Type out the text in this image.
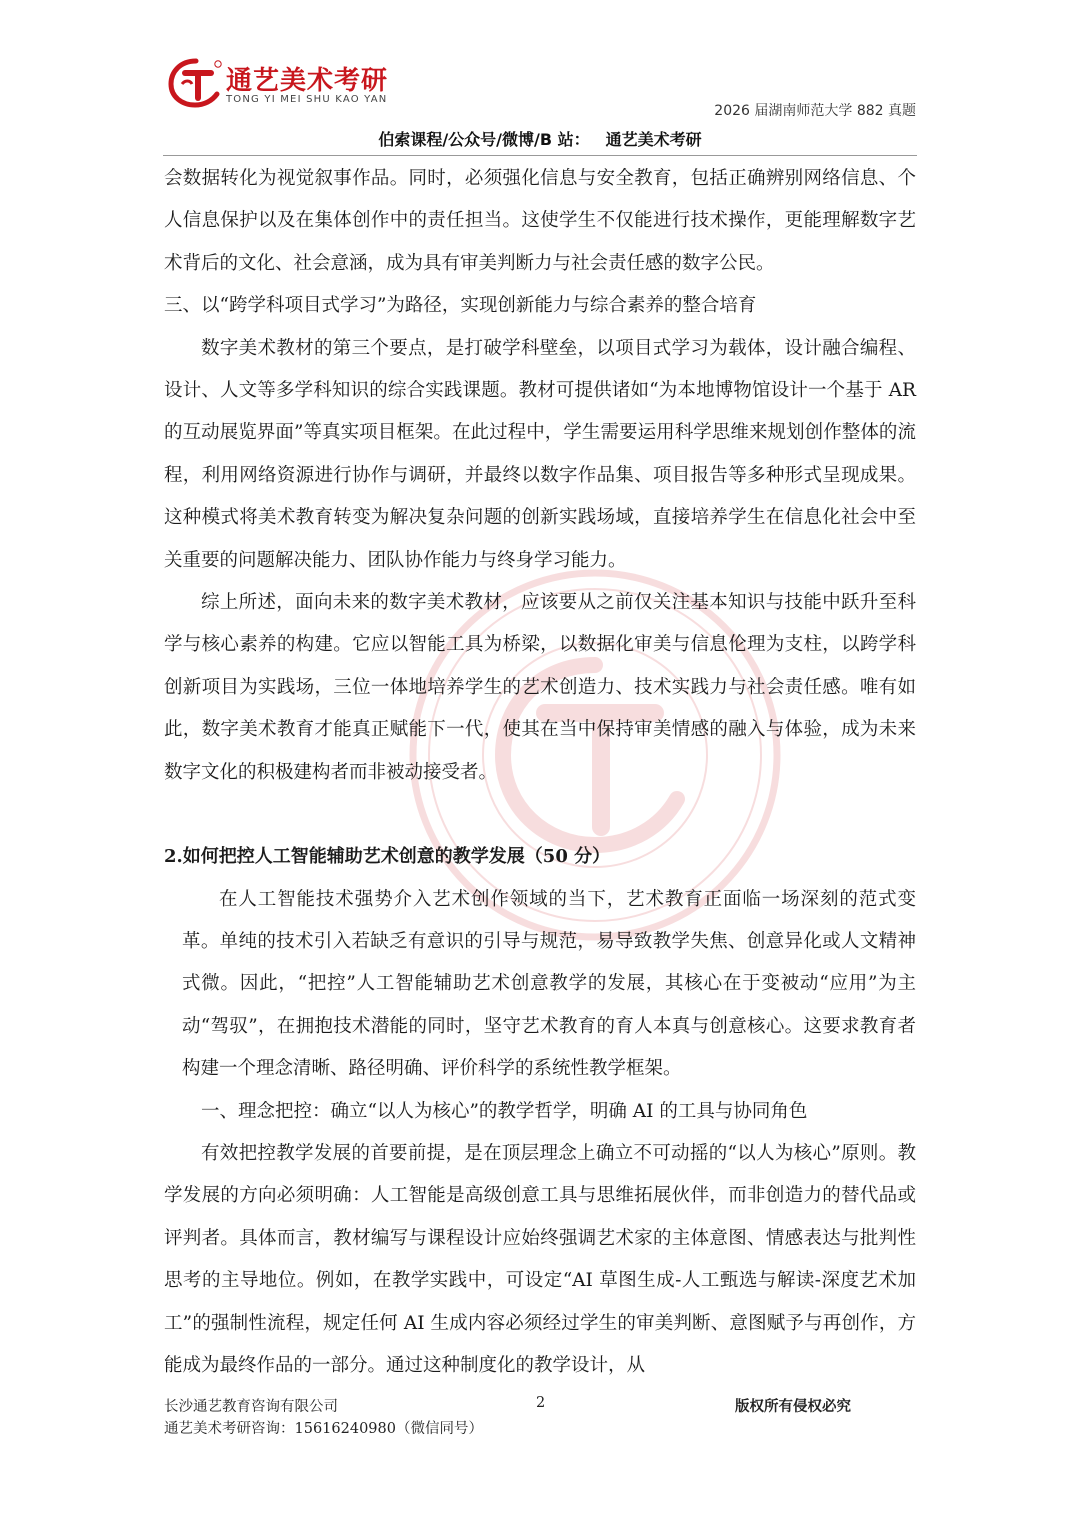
通艺美术考研
TONG YI MEI SHU KAO YAN
2026 届湖南师范大学 882 真题
伯索课程/公众号/微博/B 站： 通艺美术考研

会数据转化为视觉叙事作品。同时，必须强化信息与安全教育，包括正确辨别网络信息、个人信息保护以及在集体创作中的责任担当。这使学生不仅能进行技术操作，更能理解数字艺术背后的文化、社会意涵，成为具有审美判断力与社会责任感的数字公民。

三、以“跨学科项目式学习”为路径，实现创新能力与综合素养的整合培育

数字美术教材的第三个要点，是打破学科壁垒，以项目式学习为载体，设计融合编程、设计、人文等多学科知识的综合实践课题。教材可提供诸如“为本地博物馆设计一个基于 AR 的互动展览界面”等真实项目框架。在此过程中，学生需要运用科学思维来规划创作整体的流程，利用网络资源进行协作与调研，并最终以数字作品集、项目报告等多种形式呈现成果。这种模式将美术教育转变为解决复杂问题的创新实践场域，直接培养学生在信息化社会中至关重要的问题解决能力、团队协作能力与终身学习能力。

综上所述，面向未来的数字美术教材，应该要从之前仅关注基本知识与技能中跃升至科学与核心素养的构建。它应以智能工具为桥梁，以数据化审美与信息伦理为支柱，以跨学科创新项目为实践场，三位一体地培养学生的艺术创造力、技术实践力与社会责任感。唯有如此，数字美术教育才能真正赋能下一代，使其在当中保持审美情感的融入与体验，成为未来数字文化的积极建构者而非被动接受者。

2.如何把控人工智能辅助艺术创意的教学发展（50 分）

在人工智能技术强势介入艺术创作领域的当下，艺术教育正面临一场深刻的范式变革。单纯的技术引入若缺乏有意识的引导与规范，易导致教学失焦、创意异化或人文精神式微。因此，“把控”人工智能辅助艺术创意教学的发展，其核心在于变被动“应用”为主动“驾驭”，在拥抱技术潜能的同时，坚守艺术教育的育人本真与创意核心。这要求教育者构建一个理念清晰、路径明确、评价科学的系统性教学框架。

一、理念把控：确立“以人为核心”的教学哲学，明确 AI 的工具与协同角色

有效把控教学发展的首要前提，是在顶层理念上确立不可动摇的“以人为核心”原则。教学发展的方向必须明确：人工智能是高级创意工具与思维拓展伙伴，而非创造力的替代品或评判者。具体而言，教材编写与课程设计应始终强调艺术家的主体意图、情感表达与批判性思考的主导地位。例如，在教学实践中，可设定“AI 草图生成-人工甄选与解读-深度艺术加工”的强制性流程，规定任何 AI 生成内容必须经过学生的审美判断、意图赋予与再创作，方能成为最终作品的一部分。通过这种制度化的教学设计，从

长沙通艺教育咨询有限公司	2	版权所有侵权必究
通艺美术考研咨询：15616240980（微信同号）
